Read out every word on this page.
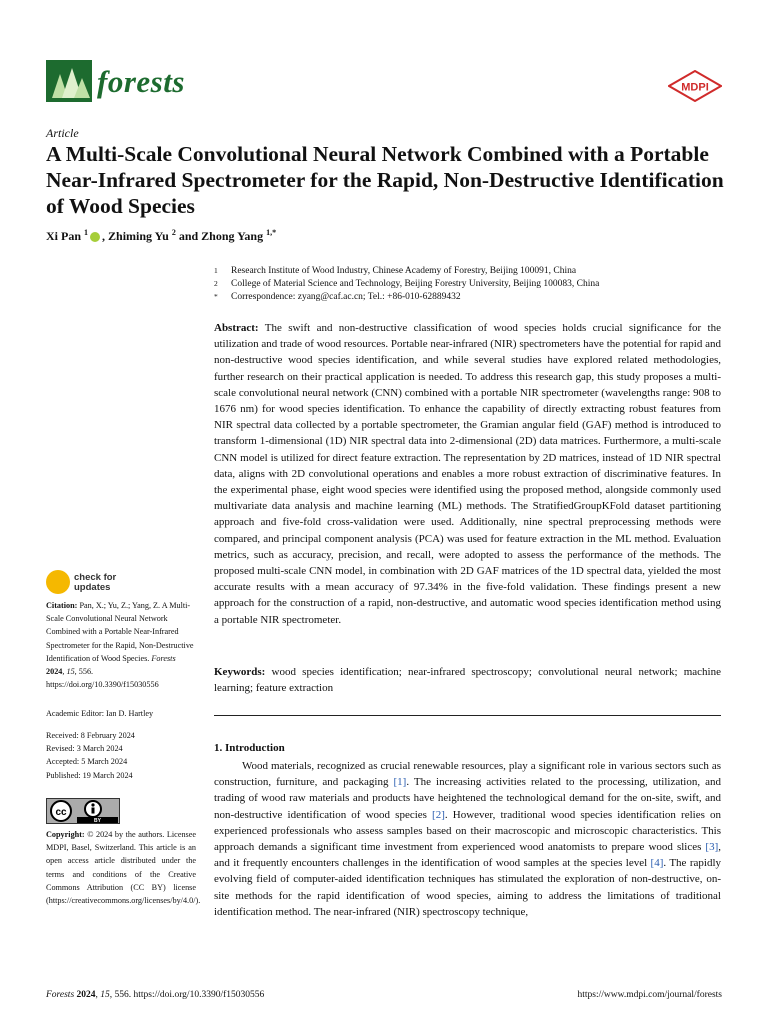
forests	MDPI
Article
A Multi-Scale Convolutional Neural Network Combined with a Portable Near-Infrared Spectrometer for the Rapid, Non-Destructive Identification of Wood Species
Xi Pan $^1$ , Zhiming Yu $^2$ and Zhong Yang $^{1,*}$
1 Research Institute of Wood Industry, Chinese Academy of Forestry, Beijing 100091, China
2 College of Material Science and Technology, Beijing Forestry University, Beijing 100083, China
* Correspondence: zyang@caf.ac.cn; Tel.: +86-010-62889432
Abstract: The swift and non-destructive classification of wood species holds crucial significance for the utilization and trade of wood resources. Portable near-infrared (NIR) spectrometers have the potential for rapid and non-destructive wood species identification, and while several studies have explored related methodologies, further research on their practical application is needed. To address this research gap, this study proposes a multi-scale convolutional neural network (CNN) combined with a portable NIR spectrometer (wavelengths range: 908 to 1676 nm) for wood species identification. To enhance the capability of directly extracting robust features from NIR spectral data collected by a portable spectrometer, the Gramian angular field (GAF) method is introduced to transform 1-dimensional (1D) NIR spectral data into 2-dimensional (2D) data matrices. Furthermore, a multi-scale CNN model is utilized for direct feature extraction. The representation by 2D matrices, instead of 1D NIR spectral data, aligns with 2D convolutional operations and enables a more robust extraction of discriminative features. In the experimental phase, eight wood species were identified using the proposed method, alongside commonly used multivariate data analysis and machine learning (ML) methods. The StratifiedGroupKFold dataset partitioning approach and five-fold cross-validation were used. Additionally, nine spectral preprocessing methods were compared, and principal component analysis (PCA) was used for feature extraction in the ML method. Evaluation metrics, such as accuracy, precision, and recall, were adopted to assess the performance of the methods. The proposed multi-scale CNN model, in combination with 2D GAF matrices of the 1D spectral data, yielded the most accurate results with a mean accuracy of 97.34% in the five-fold validation. These findings present a new approach for the construction of a rapid, non-destructive, and automatic wood species identification method using a portable NIR spectrometer.
Keywords: wood species identification; near-infrared spectroscopy; convolutional neural network; machine learning; feature extraction
1. Introduction

Wood materials, recognized as crucial renewable resources, play a significant role in various sectors such as construction, furniture, and packaging [1]. The increasing activities related to the processing, utilization, and trading of wood raw materials and products have heightened the technological demand for the on-site, swift, and non-destructive identification of wood species [2]. However, traditional wood species identification relies on experienced professionals who assess samples based on their macroscopic and microscopic characteristics. This approach demands a significant time investment from experienced wood anatomists to prepare wood slices [3], and it frequently encounters challenges in the identification of wood samples at the species level [4]. The rapidly evolving field of computer-aided identification techniques has stimulated the exploration of non-destructive, on-site methods for the rapid identification of wood species, aiming to address the limitations of traditional identification method. The near-infrared (NIR) spectroscopy technique,

check for
updates
Citation: Pan, X.; Yu, Z.; Yang, Z. A Multi-Scale Convolutional Neural Network Combined with a Portable Near-Infrared Spectrometer for the Rapid, Non-Destructive Identification of Wood Species. Forests 2024, 15, 556. https://doi.org/10.3390/f15030556
Academic Editor: Ian D. Hartley
Received: 8 February 2024
Revised: 3 March 2024
Accepted: 5 March 2024
Published: 19 March 2024
cc
BY
Copyright: © 2024 by the authors. Licensee MDPI, Basel, Switzerland. This article is an open access article distributed under the terms and conditions of the Creative Commons Attribution (CC BY) license (https://creativecommons.org/licenses/by/4.0/).
Forests 2024, 15, 556. https://doi.org/10.3390/f15030556	https://www.mdpi.com/journal/forests
